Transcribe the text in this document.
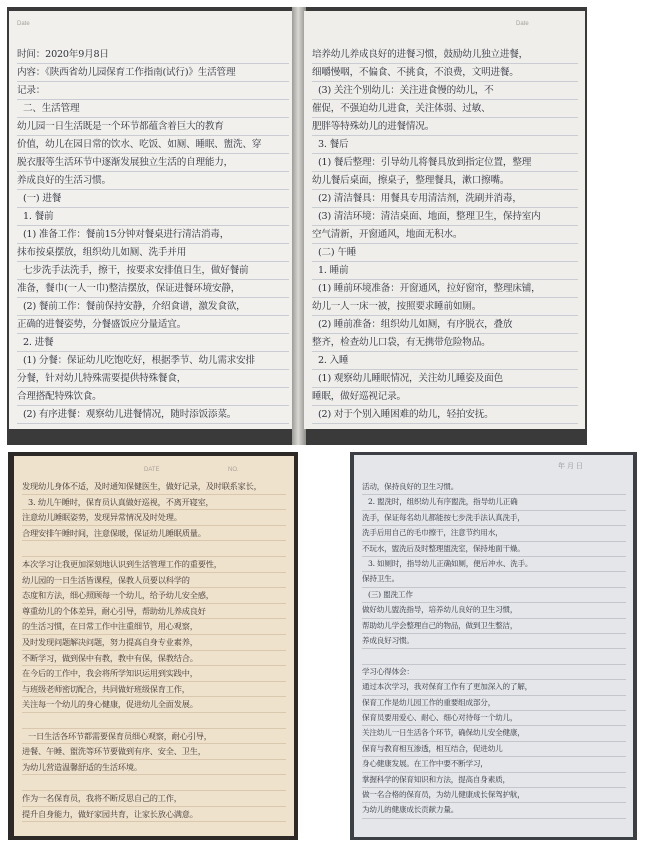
Date
时间：2020年9月8日
内容：《陕西省幼儿园保育工作指南(试行)》生活管理
记录：
二、生活管理
幼儿园一日生活既是一个环节都蕴含着巨大的教育
价值，幼儿在园日常的饮水、吃饭、如厕、睡眠、盥洗、穿
脱衣服等生活环节中逐渐发展独立生活的自理能力，
养成良好的生活习惯。
(一) 进餐
1. 餐前
(1) 准备工作：餐前15分钟对餐桌进行清洁消毒，
抹布按桌摆放，组织幼儿如厕、洗手并用
七步洗手法洗手，擦干，按要求安排值日生，做好餐前
准备，餐巾(一人一巾)整洁摆放，保证进餐环境安静，
(2) 餐前工作：餐前保持安静，介绍食谱，激发食欲，
正确的进餐姿势，分餐盛饭应分量适宜。
2. 进餐
(1) 分餐：保证幼儿吃饱吃好，根据季节、幼儿需求安排
分餐，针对幼儿特殊需要提供特殊餐食，
合理搭配特殊饮食。
(2) 有序进餐：观察幼儿进餐情况，随时添饭添菜。
Date
培养幼儿养成良好的进餐习惯，鼓励幼儿独立进餐，
细嚼慢咽，不偏食、不挑食，不浪费，文明进餐。
(3) 关注个别幼儿：关注进食慢的幼儿，不
催促，不强迫幼儿进食，关注体弱、过敏、
肥胖等特殊幼儿的进餐情况。
3. 餐后
(1) 餐后整理：引导幼儿将餐具放到指定位置，整理
幼儿餐后桌面，擦桌子，整理餐具，漱口擦嘴。
(2) 清洁餐具：用餐具专用清洁剂，洗刷并消毒，
(3) 清洁环境：清洁桌面、地面，整理卫生，保持室内
空气清新，开窗通风，地面无积水。
(二) 午睡
1. 睡前
(1) 睡前环境准备：开窗通风，拉好窗帘，整理床铺，
幼儿一人一床一被，按照要求睡前如厕。
(2) 睡前准备：组织幼儿如厕，有序脱衣，叠放
整齐，检查幼儿口袋，有无携带危险物品。
2. 入睡
(1) 观察幼儿睡眠情况，关注幼儿睡姿及面色
睡眠，做好巡视记录。
(2) 对于个别入睡困难的幼儿，轻拍安抚。
DATE	NO.
发现幼儿身体不适，及时通知保健医生，做好记录，及时联系家长，
3. 幼儿午睡时，保育员认真做好巡视，不离开寝室，
注意幼儿睡眠姿势，发现异常情况及时处理。
合理安排午睡时间，注意保暖，保证幼儿睡眠质量。
本次学习让我更加深刻地认识到生活管理工作的重要性，
幼儿园的一日生活皆课程，保教人员要以科学的
态度和方法，细心照顾每一个幼儿，给予幼儿安全感，
尊重幼儿的个体差异，耐心引导，帮助幼儿养成良好
的生活习惯，在日常工作中注重细节，用心观察，
及时发现问题解决问题，努力提高自身专业素养，
不断学习，做到保中有教，教中有保，保教结合。
在今后的工作中，我会将所学知识运用到实践中，
与班级老师密切配合，共同做好班级保育工作，
关注每一个幼儿的身心健康，促进幼儿全面发展。
一日生活各环节都需要保育员细心观察，耐心引导，
进餐、午睡、盥洗等环节要做到有序、安全、卫生，
为幼儿营造温馨舒适的生活环境。
作为一名保育员，我将不断反思自己的工作，
提升自身能力，做好家园共育，让家长放心满意。
年 月 日
活动，保持良好的卫生习惯。
2. 盥洗时，组织幼儿有序盥洗，指导幼儿正确
洗手，保证每名幼儿都能按七步洗手法认真洗手，
洗手后用自己的毛巾擦干，注意节约用水，
不玩水，盥洗后及时整理盥洗室，保持地面干燥。
3. 如厕时，指导幼儿正确如厕，便后冲水、洗手。
保持卫生。
(三) 盥洗工作
做好幼儿盥洗指导，培养幼儿良好的卫生习惯，
帮助幼儿学会整理自己的物品，做到卫生整洁，
养成良好习惯。
学习心得体会：
通过本次学习，我对保育工作有了更加深入的了解，
保育工作是幼儿园工作的重要组成部分，
保育员要用爱心、耐心、细心对待每一个幼儿，
关注幼儿一日生活各个环节，确保幼儿安全健康，
保育与教育相互渗透，相互结合，促进幼儿
身心健康发展。在工作中要不断学习，
掌握科学的保育知识和方法，提高自身素质，
做一名合格的保育员，为幼儿健康成长保驾护航，
为幼儿的健康成长贡献力量。
